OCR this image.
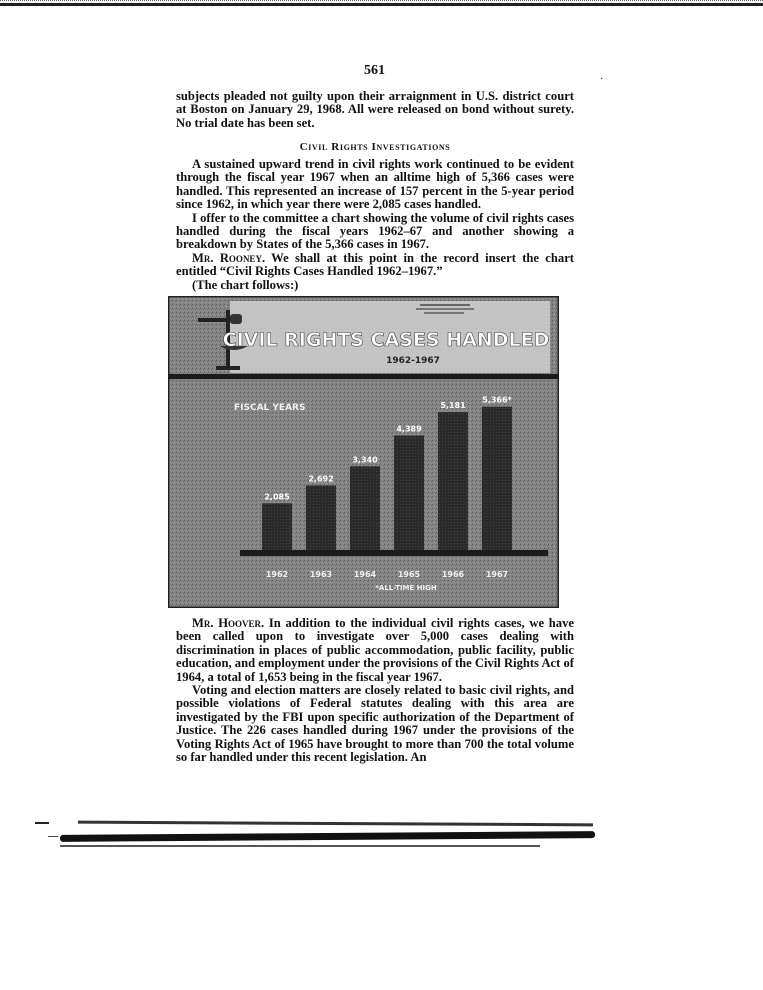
561
·
subjects pleaded not guilty upon their arraignment in U.S. district court at Boston on January 29, 1968. All were released on bond without surety. No trial date has been set.
Civil Rights Investigations
A sustained upward trend in civil rights work continued to be evident through the fiscal year 1967 when an alltime high of 5,366 cases were handled. This represented an increase of 157 percent in the 5-year period since 1962, in which year there were 2,085 cases handled.
I offer to the committee a chart showing the volume of civil rights cases handled during the fiscal years 1962–67 and another showing a breakdown by States of the 5,366 cases in 1967.
Mr. Rooney. We shall at this point in the record insert the chart entitled “Civil Rights Cases Handled 1962–1967.”
(The chart follows:)
CIVIL RIGHTS CASES HANDLED
1962-1967
FISCAL YEARS
2,085
2,692
3,340
4,389
5,181
5,366*
1962	1963	1964	1965	1966	1967
*ALL-TIME HIGH
Mr. Hoover. In addition to the individual civil rights cases, we have been called upon to investigate over 5,000 cases dealing with discrimination in places of public accommodation, public facility, public education, and employment under the provisions of the Civil Rights Act of 1964, a total of 1,653 being in the fiscal year 1967.
Voting and election matters are closely related to basic civil rights, and possible violations of Federal statutes dealing with this area are investigated by the FBI upon specific authorization of the Department of Justice. The 226 cases handled during 1967 under the provisions of the Voting Rights Act of 1965 have brought to more than 700 the total volume so far handled under this recent legislation. An
